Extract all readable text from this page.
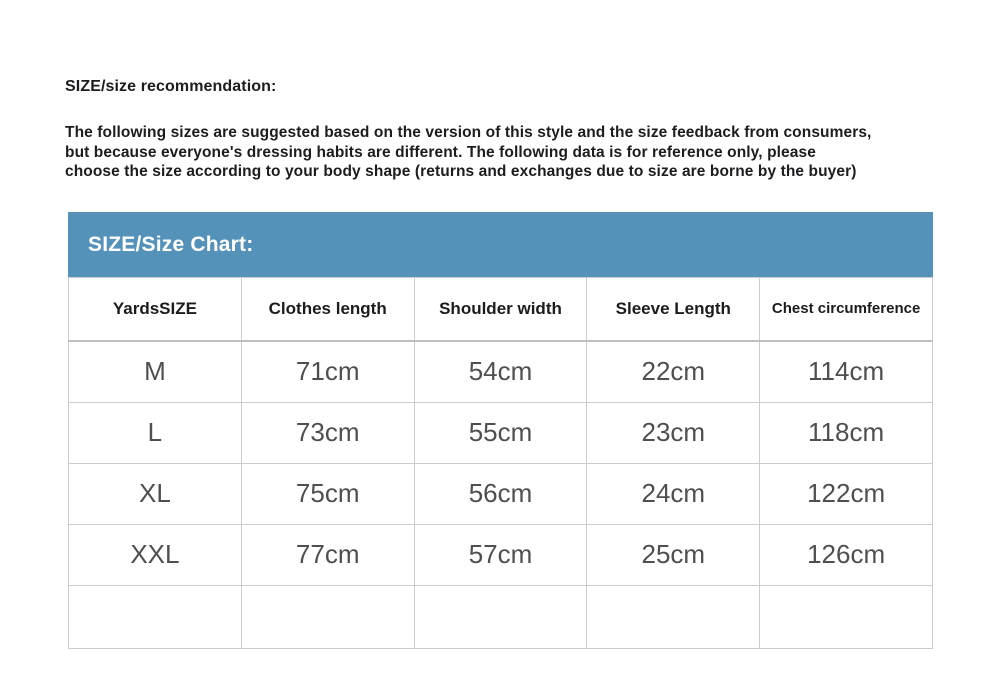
SIZE/size recommendation:
The following sizes are suggested based on the version of this style and the size feedback from consumers,
but because everyone's dressing habits are different. The following data is for reference only, please
choose the size according to your body shape (returns and exchanges due to size are borne by the buyer)
SIZE/Size Chart:
YardsSIZE	Clothes length	Shoulder width	Sleeve Length	Chest circumference
M	71cm	54cm	22cm	114cm
L	73cm	55cm	23cm	118cm
XL	75cm	56cm	24cm	122cm
XXL	77cm	57cm	25cm	126cm
